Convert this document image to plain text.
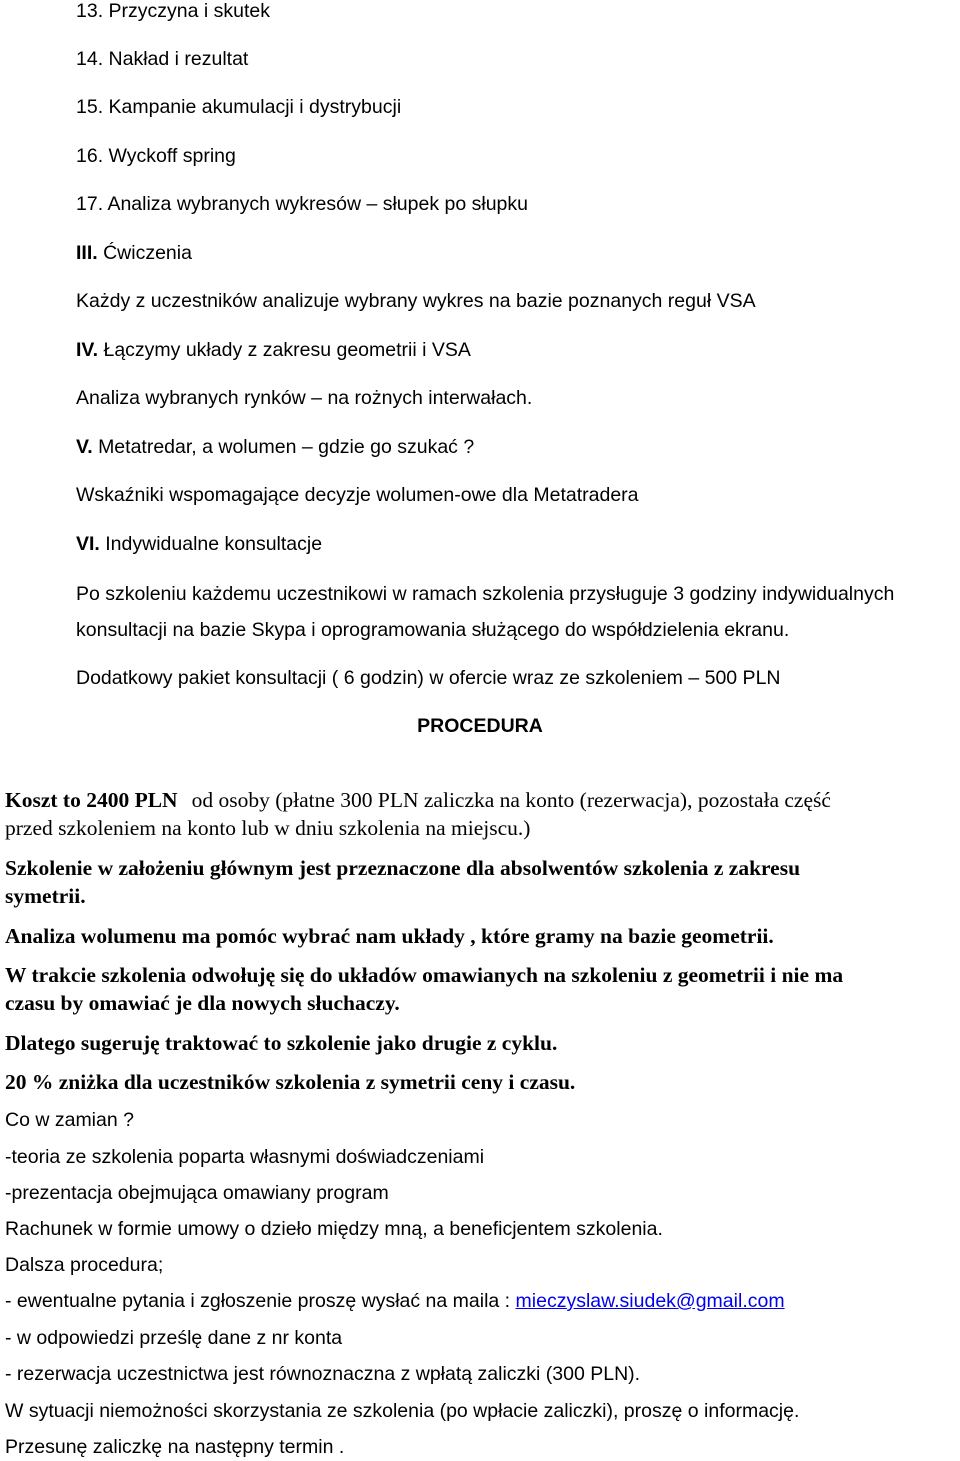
13. Przyczyna i skutek
14. Nakład i rezultat
15. Kampanie akumulacji i dystrybucji
16. Wyckoff spring
17. Analiza wybranych wykresów – słupek po słupku
III. Ćwiczenia
Każdy z uczestników analizuje wybrany wykres na bazie poznanych reguł VSA
IV. Łączymy układy z zakresu geometrii i VSA
Analiza wybranych rynków – na rożnych interwałach.
V. Metatredar, a wolumen – gdzie go szukać ?
Wskaźniki wspomagające decyzje wolumen-owe dla Metatradera
VI. Indywidualne konsultacje
Po szkoleniu każdemu uczestnikowi w ramach szkolenia przysługuje 3 godziny indywidualnych
konsultacji na bazie Skypa i oprogramowania służącego do współdzielenia ekranu.
Dodatkowy pakiet konsultacji ( 6 godzin) w ofercie wraz ze szkoleniem – 500 PLN
PROCEDURA
Koszt to 2400 PLN od osoby (płatne 300 PLN zaliczka na konto (rezerwacja), pozostała część
przed szkoleniem na konto lub w dniu szkolenia na miejscu.)
Szkolenie w założeniu głównym jest przeznaczone dla absolwentów szkolenia z zakresu
symetrii.
Analiza wolumenu ma pomóc wybrać nam układy , które gramy na bazie geometrii.
W trakcie szkolenia odwołuję się do układów omawianych na szkoleniu z geometrii i nie ma
czasu by omawiać je dla nowych słuchaczy.
Dlatego sugeruję traktować to szkolenie jako drugie z cyklu.
20 % zniżka dla uczestników szkolenia z symetrii ceny i czasu.
Co w zamian ?
-teoria ze szkolenia poparta własnymi doświadczeniami
-prezentacja obejmująca omawiany program
Rachunek w formie umowy o dzieło między mną, a beneficjentem szkolenia.
Dalsza procedura;
- ewentualne pytania i zgłoszenie proszę wysłać na maila : mieczyslaw.siudek@gmail.com
- w odpowiedzi prześlę dane z nr konta
- rezerwacja uczestnictwa jest równoznaczna z wpłatą zaliczki (300 PLN).
W sytuacji niemożności skorzystania ze szkolenia (po wpłacie zaliczki), proszę o informację.
Przesunę zaliczkę na następny termin .
